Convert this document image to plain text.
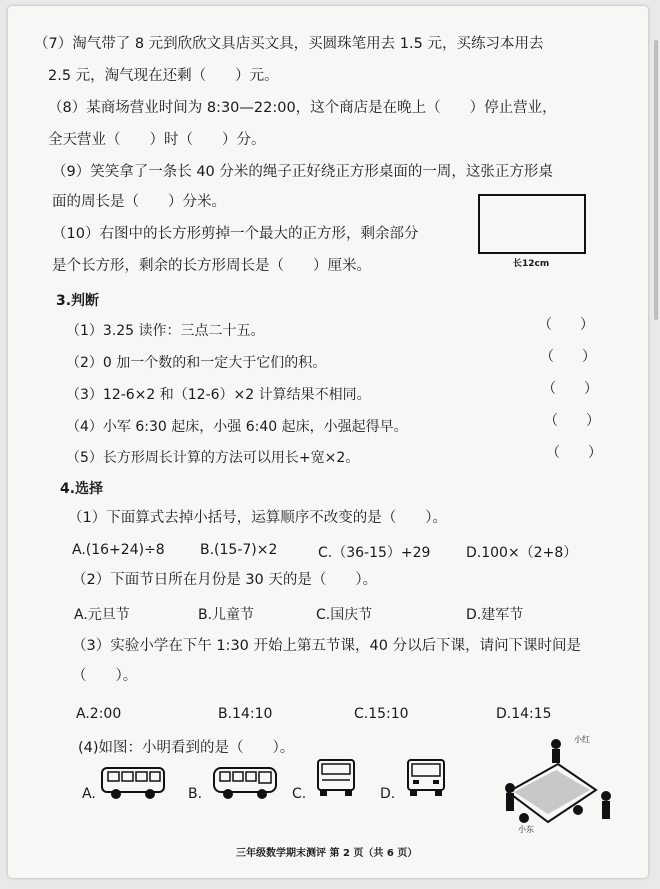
（7）淘气带了 8 元到欣欣文具店买文具，买圆珠笔用去 1.5 元，买练习本用去
2.5 元，淘气现在还剩（　　）元。
（8）某商场营业时间为 8:30—22:00，这个商店是在晚上（　　）停止营业，
全天营业（　　）时（　　）分。
（9）笑笑拿了一条长 40 分米的绳子正好绕正方形桌面的一周，这张正方形桌
面的周长是（　　）分米。
（10）右图中的长方形剪掉一个最大的正方形，剩余部分
是个长方形，剩余的长方形周长是（　　）厘米。	长12cm
3.判断
（1）3.25 读作：三点二十五。	（　　）
（2）0 加一个数的和一定大于它们的积。	（　　）
（3）12-6×2 和（12-6）×2 计算结果不相同。	（　　）
（4）小军 6:30 起床，小强 6:40 起床，小强起得早。	（　　）
（5）长方形周长计算的方法可以用长+宽×2。	（　　）
4.选择
（1）下面算式去掉小括号，运算顺序不改变的是（　　）。
A.(16+24)÷8	B.(15-7)×2	C.（36-15）+29	D.100×（2+8）
（2）下面节日所在月份是 30 天的是（　　）。
A.元旦节	B.儿童节	C.国庆节	D.建军节
（3）实验小学在下午 1:30 开始上第五节课，40 分以后下课，请问下课时间是
（　　）。
A.2:00	B.14:10	C.15:10	D.14:15
(4)如图：小明看到的是（　　）。
A.	B.	C.	D.
小红
小东
三年级数学期末测评 第 2 页（共 6 页）
